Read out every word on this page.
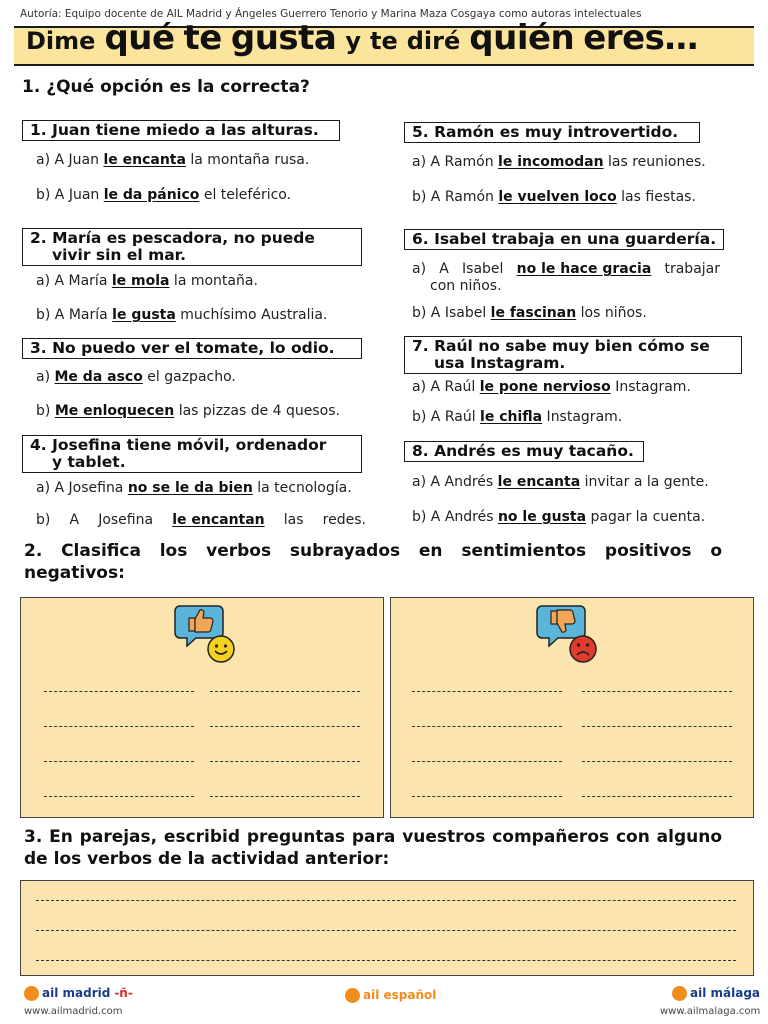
Autoría: Equipo docente de AIL Madrid y Ángeles Guerrero Tenorio y Marina Maza Cosgaya como autoras intelectuales
Dime qué te gusta y te diré quién eres…
1. ¿Qué opción es la correcta?
1. Juan tiene miedo a las alturas.
a) A Juan le encanta la montaña rusa.
b) A Juan le da pánico el teleférico.
2. María es pescadora, no puede
vivir sin el mar.
a) A María le mola la montaña.
b) A María le gusta muchísimo Australia.
3. No puedo ver el tomate, lo odio.
a) Me da asco el gazpacho.
b) Me enloquecen las pizzas de 4 quesos.
4. Josefina tiene móvil, ordenador
y tablet.
a) A Josefina no se le da bien la tecnología.
b) A Josefina le encantan las redes.
5. Ramón es muy introvertido.
a) A Ramón le incomodan las reuniones.
b) A Ramón le vuelven loco las fiestas.
6. Isabel trabaja en una guardería.
a) A Isabel no le hace gracia trabajar
con niños.
b) A Isabel le fascinan los niños.
7. Raúl no sabe muy bien cómo se
usa Instagram.
a) A Raúl le pone nervioso Instagram.
b) A Raúl le chifla Instagram.
8. Andrés es muy tacaño.
a) A Andrés le encanta invitar a la gente.
b) A Andrés no le gusta pagar la cuenta.
2. Clasifica los verbos subrayados en sentimientos positivos o negativos:
3. En parejas, escribid preguntas para vuestros compañeros con alguno de los verbos de la actividad anterior:
ail madrid -ñ-
www.ailmadrid.com
ail español	ail málaga
www.ailmalaga.com
